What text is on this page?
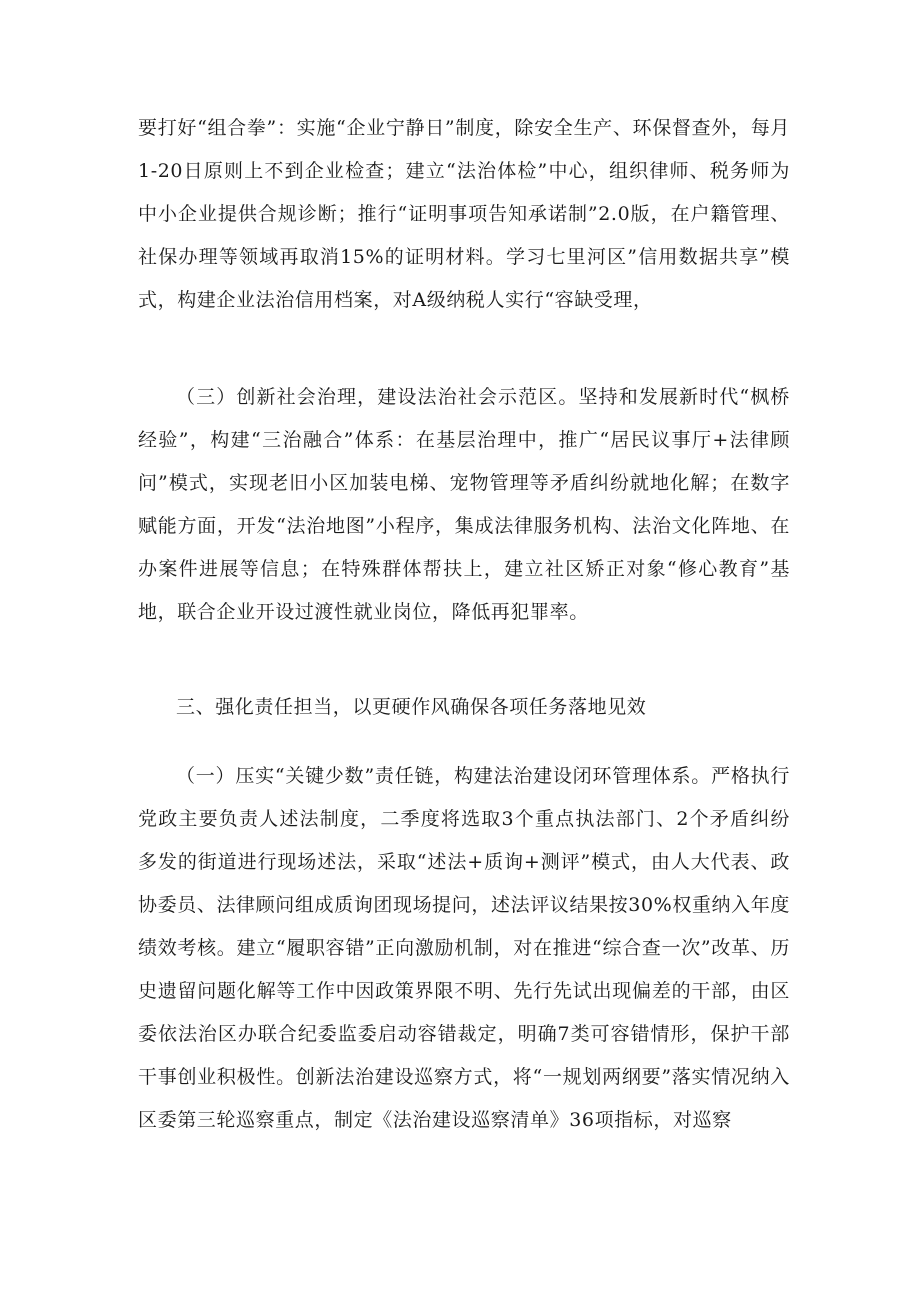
要打好“组合拳”：实施“企业宁静日”制度，除安全生产、环保督查外，每月1-20日原则上不到企业检查；建立“法治体检”中心，组织律师、税务师为中小企业提供合规诊断；推行“证明事项告知承诺制”2.0版，在户籍管理、社保办理等领域再取消15%的证明材料。学习七里河区”信用数据共享”模式，构建企业法治信用档案，对A级纳税人实行“容缺受理，

（三）创新社会治理，建设法治社会示范区。坚持和发展新时代“枫桥经验”，构建“三治融合”体系：在基层治理中，推广“居民议事厅+法律顾问”模式，实现老旧小区加装电梯、宠物管理等矛盾纠纷就地化解；在数字赋能方面，开发“法治地图”小程序，集成法律服务机构、法治文化阵地、在办案件进展等信息；在特殊群体帮扶上，建立社区矫正对象“修心教育”基地，联合企业开设过渡性就业岗位，降低再犯罪率。

三、强化责任担当，以更硬作风确保各项任务落地见效

（一）压实“关键少数”责任链，构建法治建设闭环管理体系。严格执行党政主要负责人述法制度，二季度将选取3个重点执法部门、2个矛盾纠纷多发的街道进行现场述法，采取“述法+质询+测评”模式，由人大代表、政协委员、法律顾问组成质询团现场提问，述法评议结果按30%权重纳入年度绩效考核。建立“履职容错”正向激励机制，对在推进“综合查一次”改革、历史遗留问题化解等工作中因政策界限不明、先行先试出现偏差的干部，由区委依法治区办联合纪委监委启动容错裁定，明确7类可容错情形，保护干部干事创业积极性。创新法治建设巡察方式，将“一规划两纲要”落实情况纳入区委第三轮巡察重点，制定《法治建设巡察清单》36项指标，对巡察
